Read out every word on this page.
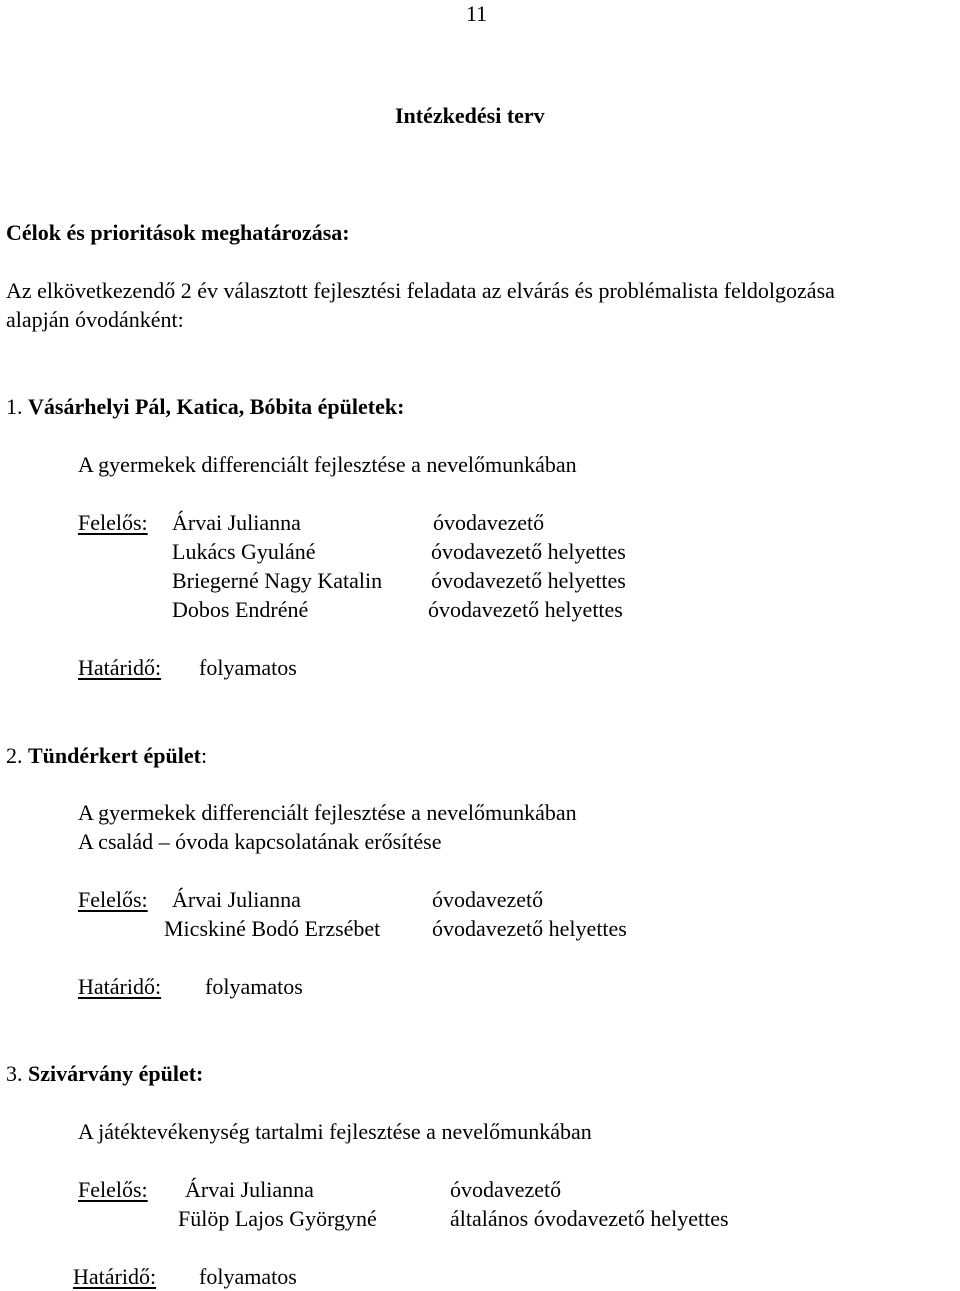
11
Intézkedési terv
Célok és prioritások meghatározása:
Az elkövetkezendő 2 év választott fejlesztési feladata az elvárás és problémalista feldolgozása
alapján óvodánként:
1. Vásárhelyi Pál, Katica, Bóbita épületek:
A gyermekek differenciált fejlesztése a nevelőmunkában
Felelős: Árvai Julianna	óvodavezető
Lukács Gyuláné	óvodavezető helyettes
Briegerné Nagy Katalin óvodavezető helyettes
Dobos Endréné	óvodavezető helyettes
Határidő: folyamatos
2. Tündérkert épület:
A gyermekek differenciált fejlesztése a nevelőmunkában
A család – óvoda kapcsolatának erősítése
Felelős: Árvai Julianna	óvodavezető
Micskiné Bodó Erzsébet óvodavezető helyettes
Határidő: folyamatos
3. Szivárvány épület:
A játéktevékenység tartalmi fejlesztése a nevelőmunkában
Felelős: Árvai Julianna	óvodavezető
Fülöp Lajos Györgyné	általános óvodavezető helyettes
Határidő: folyamatos
